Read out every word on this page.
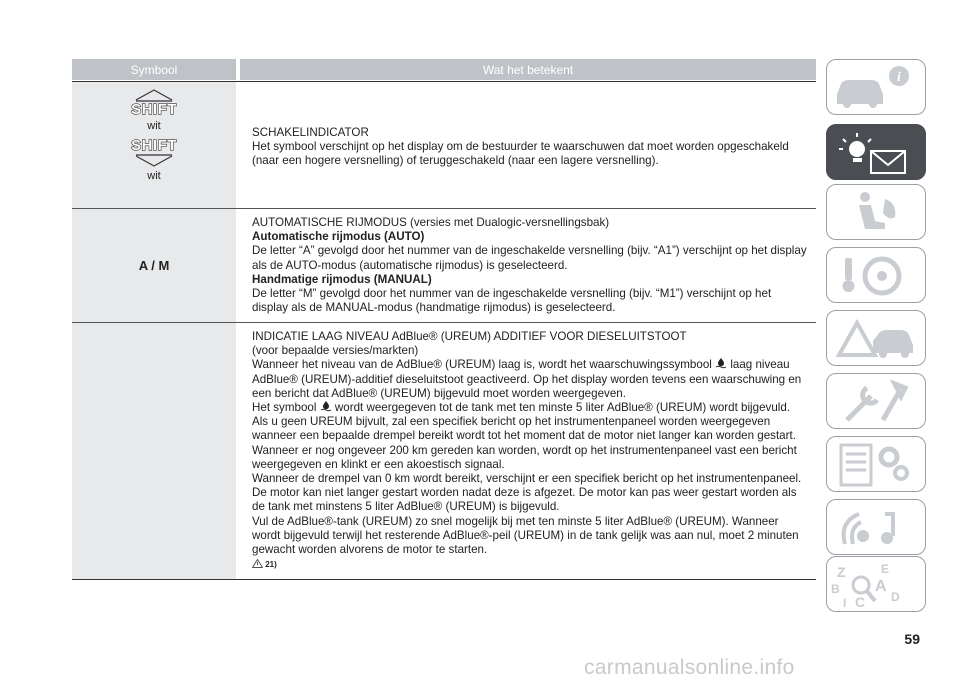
Symbool	Wat het betekent
SHIFT
wit
SHIFT
wit

SCHAKELINDICATOR

Het symbool verschijnt op het display om de bestuurder te waarschuwen dat moet worden opgeschakeld

(naar een hogere versnelling) of teruggeschakeld (naar een lagere versnelling).

A / M

AUTOMATISCHE RIJMODUS (versies met Dualogic-versnellingsbak)

Automatische rijmodus (AUTO)

De letter “A” gevolgd door het nummer van de ingeschakelde versnelling (bijv. “A1”) verschijnt op het display

als de AUTO-modus (automatische rijmodus) is geselecteerd.

Handmatige rijmodus (MANUAL)

De letter “M” gevolgd door het nummer van de ingeschakelde versnelling (bijv. “M1”) verschijnt op het

display als de MANUAL-modus (handmatige rijmodus) is geselecteerd.

INDICATIE LAAG NIVEAU AdBlue® (UREUM) ADDITIEF VOOR DIESELUITSTOOT

(voor bepaalde versies/markten)

Wanneer het niveau van de AdBlue® (UREUM) laag is, wordt het waarschuwingssymbool laag niveau

AdBlue® (UREUM)-additief dieseluitstoot geactiveerd. Op het display worden tevens een waarschuwing en

een bericht dat AdBlue® (UREUM) bijgevuld moet worden weergegeven.

Het symbool wordt weergegeven tot de tank met ten minste 5 liter AdBlue® (UREUM) wordt bijgevuld.

Als u geen UREUM bijvult, zal een specifiek bericht op het instrumentenpaneel worden weergegeven

wanneer een bepaalde drempel bereikt wordt tot het moment dat de motor niet langer kan worden gestart.

Wanneer er nog ongeveer 200 km gereden kan worden, wordt op het instrumentenpaneel vast een bericht

weergegeven en klinkt er een akoestisch signaal.

Wanneer de drempel van 0 km wordt bereikt, verschijnt er een specifiek bericht op het instrumentenpaneel.

De motor kan niet langer gestart worden nadat deze is afgezet. De motor kan pas weer gestart worden als

de tank met minstens 5 liter AdBlue® (UREUM) is bijgevuld.

Vul de AdBlue®-tank (UREUM) zo snel mogelijk bij met ten minste 5 liter AdBlue® (UREUM). Wanneer

wordt bijgevuld terwijl het resterende AdBlue®-peil (UREUM) in de tank gelijk was aan nul, moet 2 minuten

gewacht worden alvorens de motor te starten.

21)

i
Z	E
B A
I C D
59
carmanualsonline.info
